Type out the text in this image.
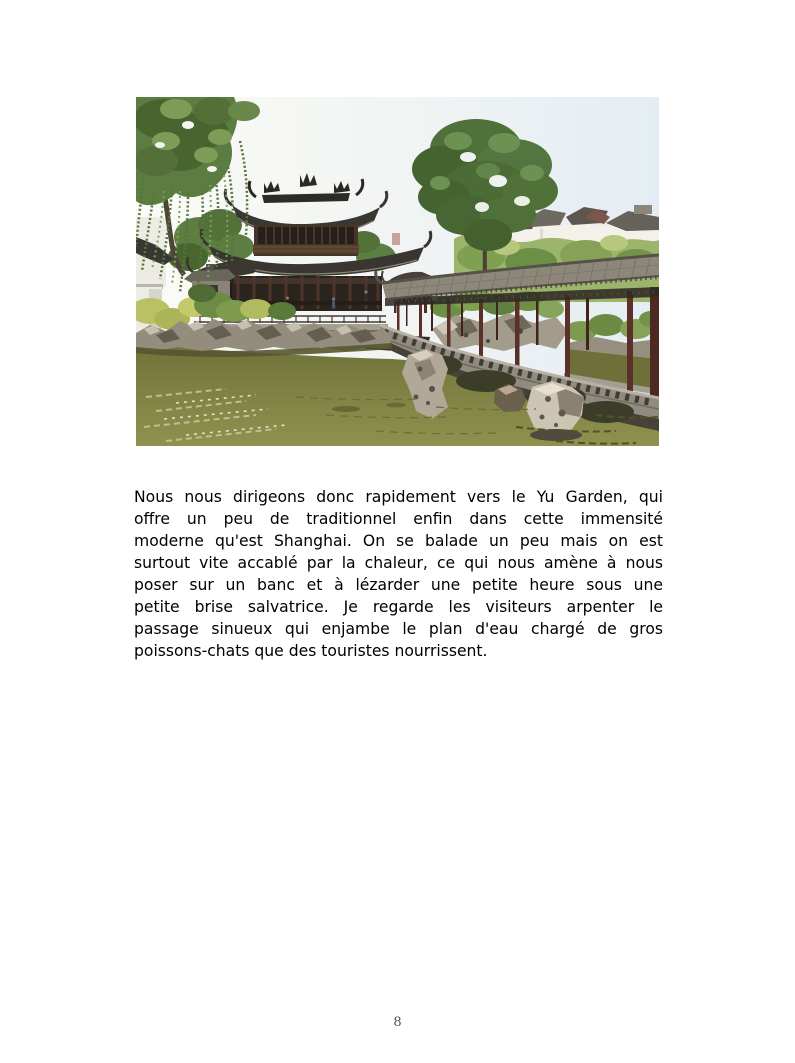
Nous nous dirigeons donc rapidement vers le Yu Garden, qui
offre un peu de traditionnel enfin dans cette immensité
moderne qu'est Shanghai. On se balade un peu mais on est
surtout vite accablé par la chaleur, ce qui nous amène à nous
poser sur un banc et à lézarder une petite heure sous une
petite brise salvatrice. Je regarde les visiteurs arpenter le
passage sinueux qui enjambe le plan d'eau chargé de gros
poissons-chats que des touristes nourrissent.
8
